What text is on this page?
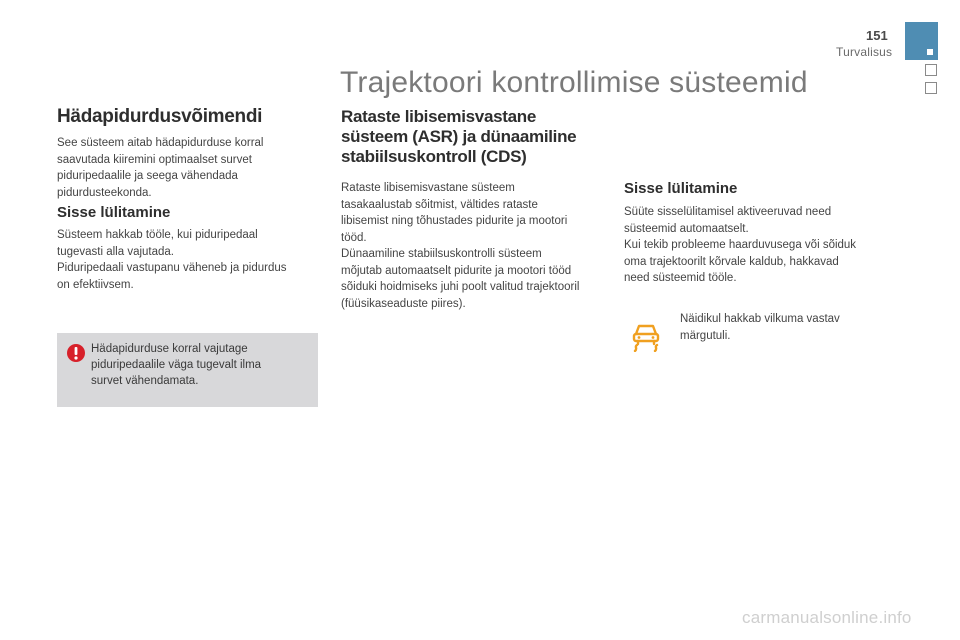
151
Turvalisus
Trajektoori kontrollimise süsteemid
Hädapidurdusvõimendi

See süsteem aitab hädapidurduse korral

saavutada kiiremini optimaalset survet

piduripedaalile ja seega vähendada

pidurdusteekonda.

Sisse lülitamine

Süsteem hakkab tööle, kui piduripedaal

tugevasti alla vajutada.

Piduripedaali vastupanu väheneb ja pidurdus

on efektiivsem.

Hädapidurduse korral vajutage

piduripedaalile väga tugevalt ilma

survet vähendamata.

Rataste libisemisvastane
süsteem (ASR) ja dünaamiline
stabiilsuskontroll (CDS)

Rataste libisemisvastane süsteem

tasakaalustab sõitmist, vältides rataste

libisemist ning tõhustades pidurite ja mootori

tööd.

Dünaamiline stabiilsuskontrolli süsteem

mõjutab automaatselt pidurite ja mootori tööd

sõiduki hoidmiseks juhi poolt valitud trajektooril

(füüsikaseaduste piires).

Sisse lülitamine

Süüte sisselülitamisel aktiveeruvad need

süsteemid automaatselt.

Kui tekib probleeme haarduvusega või sõiduk

oma trajektoorilt kõrvale kaldub, hakkavad

need süsteemid tööle.

Näidikul hakkab vilkuma vastav

märgutuli.

carmanualsonline.info
